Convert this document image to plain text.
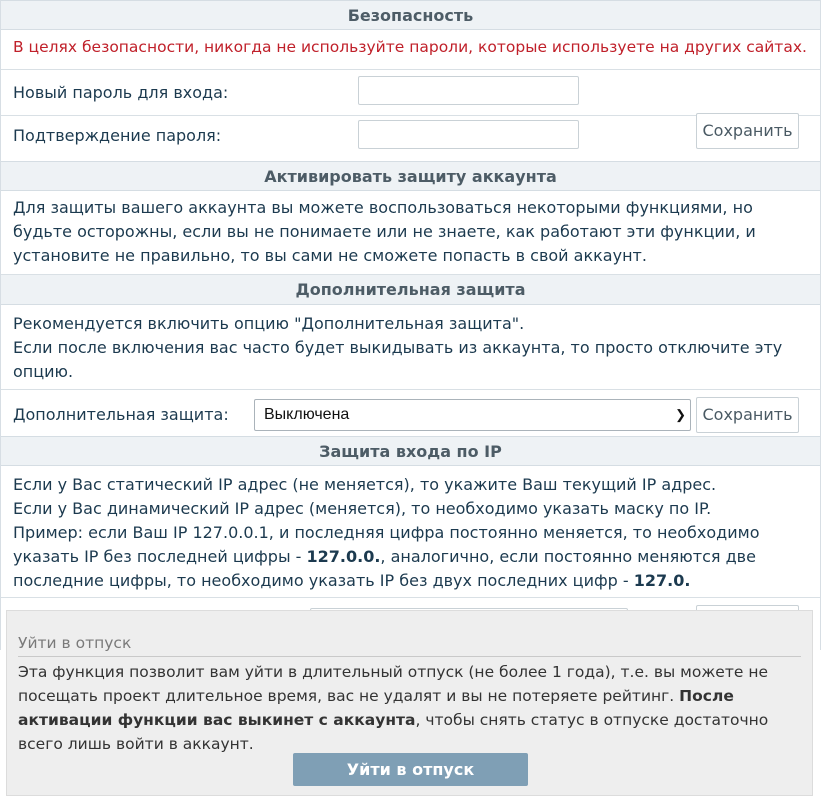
Безопасность
В целях безопасности, никогда не используйте пароли, которые используете на других сайтах.
Новый пароль для входа:
Подтверждение пароля:	Сохранить
Активировать защиту аккаунта
Для защиты вашего аккаунта вы можете воспользоваться некоторыми функциями, но будьте осторожны, если вы не понимаете или не знаете, как работают эти функции, и установите не правильно, то вы сами не сможете попасть в свой аккаунт.
Дополнительная защита
Рекомендуется включить опцию "Дополнительная защита".
Если после включения вас часто будет выкидывать из аккаунта, то просто отключите эту опцию.
Дополнительная защита:	Выключена	❯	Сохранить
Защита входа по IP
Если у Вас статический IP адрес (не меняется), то укажите Ваш текущий IP адрес.
Если у Вас динамический IP адрес (меняется), то необходимо указать маску по IP.
Пример: если Ваш IP 127.0.0.1, и последняя цифра постоянно меняется, то необходимо указать IP без последней цифры - 127.0.0., аналогично, если постоянно меняются две последние цифры, то необходимо указать IP без двух последних цифр - 127.0.
Уйти в отпуск
Эта функция позволит вам уйти в длительный отпуск (не более 1 года), т.е. вы можете не посещать проект длительное время, вас не удалят и вы не потеряете рейтинг. После активации функции вас выкинет с аккаунта, чтобы снять статус в отпуске достаточно всего лишь войти в аккаунт.
Уйти в отпуск
